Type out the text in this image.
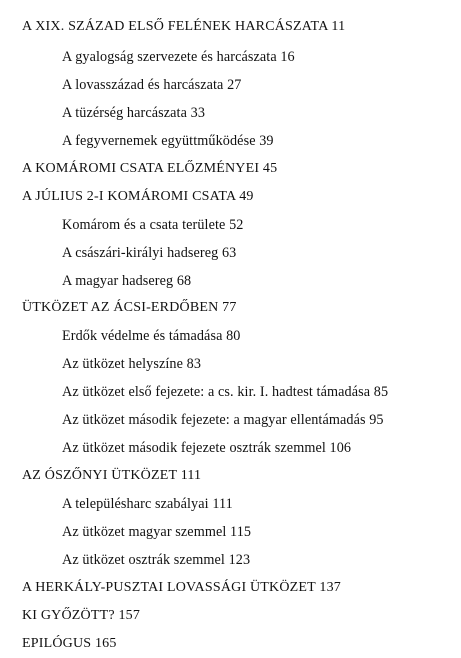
A XIX. SZÁZAD ELSŐ FELÉNEK HARCÁSZATA 11
A gyalogság szervezete és harcászata 16
A lovasszázad és harcászata 27
A tüzérség harcászata 33
A fegyvernemek együttműködése 39
A KOMÁROMI CSATA ELŐZMÉNYEI 45
A JÚLIUS 2-I KOMÁROMI CSATA 49
Komárom és a csata területe 52
A császári-királyi hadsereg 63
A magyar hadsereg 68
ÜTKÖZET AZ ÁCSI-ERDŐBEN 77
Erdők védelme és támadása 80
Az ütközet helyszíne 83
Az ütközet első fejezete: a cs. kir. I. hadtest támadása 85
Az ütközet második fejezete: a magyar ellentámadás 95
Az ütközet második fejezete osztrák szemmel 106
AZ ÓSZŐNYI ÜTKÖZET 111
A településharc szabályai 111
Az ütközet magyar szemmel 115
Az ütközet osztrák szemmel 123
A HERKÁLY-PUSZTAI LOVASSÁGI ÜTKÖZET 137
KI GYŐZÖTT? 157
EPILÓGUS 165
